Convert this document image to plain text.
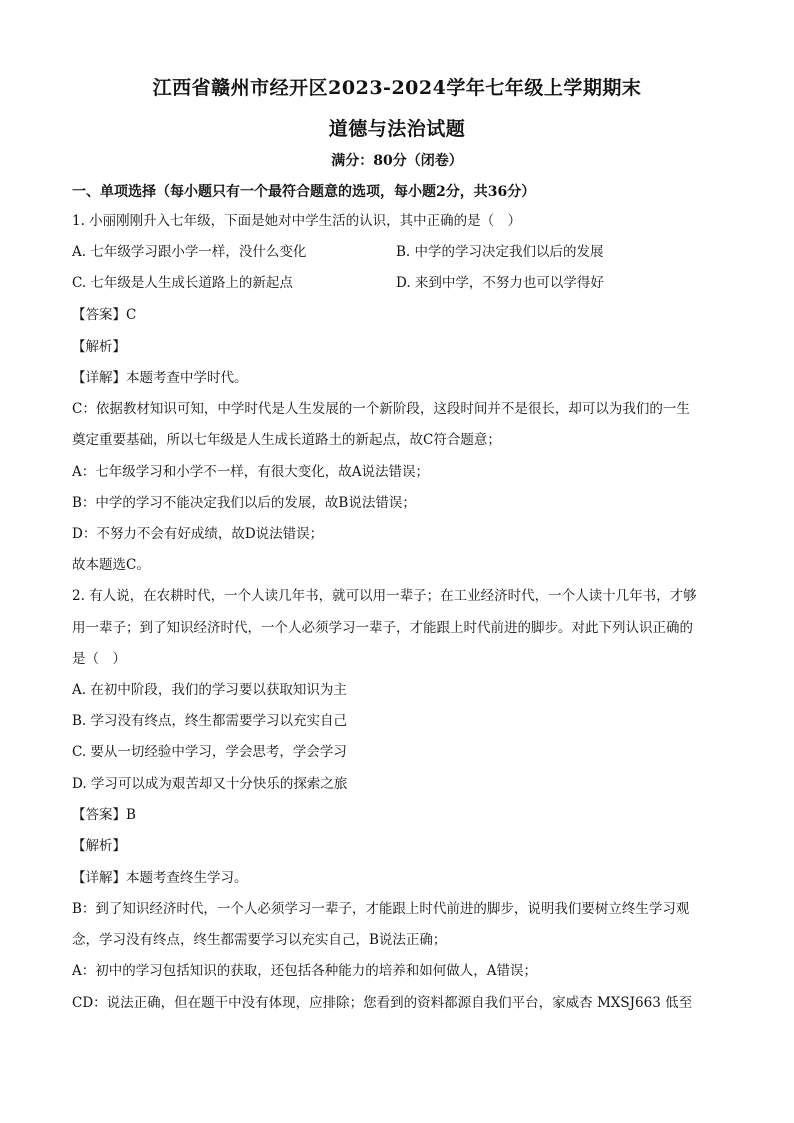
江西省赣州市经开区2023-2024学年七年级上学期期末
道德与法治试题
满分：80分（闭卷）
一、单项选择（每小题只有一个最符合题意的选项，每小题2分，共36分）
1. 小丽刚刚升入七年级，下面是她对中学生活的认识，其中正确的是（　）
A. 七年级学习跟小学一样，没什么变化	B. 中学的学习决定我们以后的发展
C. 七年级是人生成长道路上的新起点	D. 来到中学，不努力也可以学得好
【答案】C
【解析】
【详解】本题考查中学时代。
C：依据教材知识可知，中学时代是人生发展的一个新阶段，这段时间并不是很长，却可以为我们的一生
奠定重要基础，所以七年级是人生成长道路土的新起点，故C符合题意；
A：七年级学习和小学不一样，有很大变化，故A说法错误；
B：中学的学习不能决定我们以后的发展，故B说法错误；
D：不努力不会有好成绩，故D说法错误；
故本题选C。
2. 有人说，在农耕时代，一个人读几年书，就可以用一辈子；在工业经济时代，一个人读十几年书，才够
用一辈子；到了知识经济时代，一个人必须学习一辈子，才能跟上时代前进的脚步。对此下列认识正确的
是（　）
A. 在初中阶段，我们的学习要以获取知识为主
B. 学习没有终点，终生都需要学习以充实自己
C. 要从一切经验中学习，学会思考，学会学习
D. 学习可以成为艰苦却又十分快乐的探索之旅
【答案】B
【解析】
【详解】本题考查终生学习。
B：到了知识经济时代，一个人必须学习一辈子，才能跟上时代前进的脚步，说明我们要树立终生学习观
念，学习没有终点，终生都需要学习以充实自己，B说法正确；
A：初中的学习包括知识的获取，还包括各种能力的培养和如何做人，A错误；
CD：说法正确，但在题干中没有体现，应排除；您看到的资料都源自我们平台，家威杏 MXSJ663 低至
